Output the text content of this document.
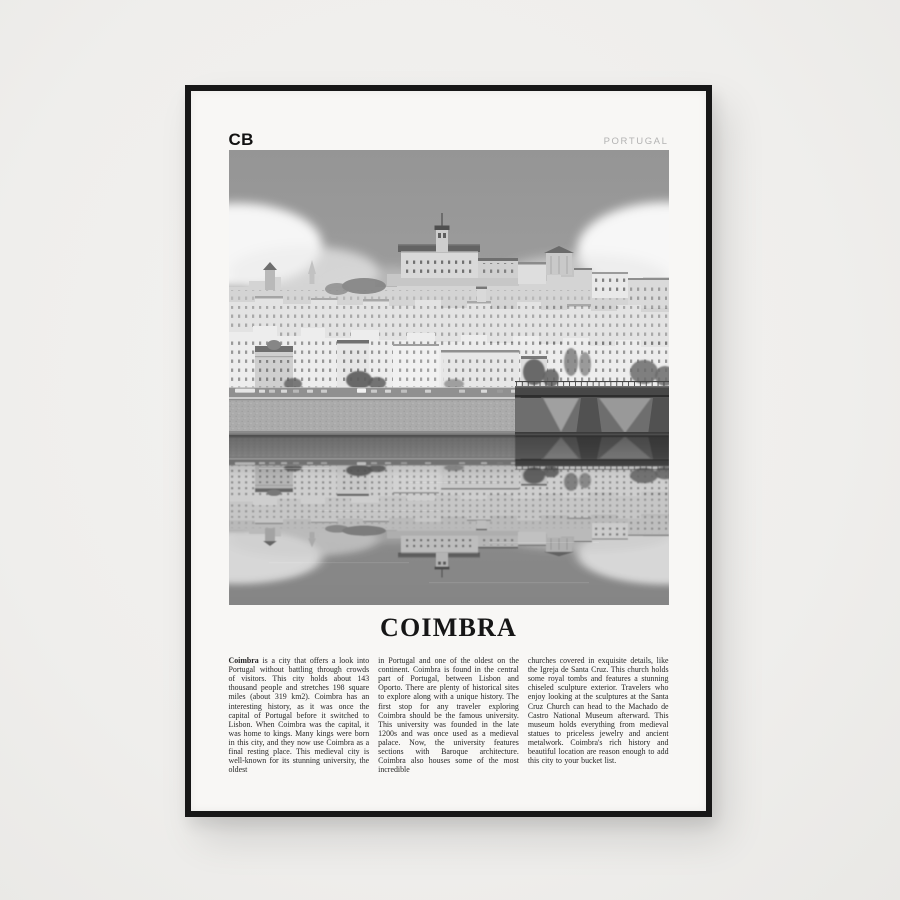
CB	PORTUGAL
COIMBRA
Coimbra is a city that offers a look into Portugal without battling through crowds of visitors. This city holds about 143 thousand people and stretches 198 square miles (about 319 km2). Coimbra has an interesting history, as it was once the capital of Portugal before it switched to Lisbon. When Coimbra was the capital, it was home to kings. Many kings were born in this city, and they now use Coimbra as a final resting place. This medieval city is well-known for its stunning university, the oldest
in Portugal and one of the oldest on the continent. Coimbra is found in the central part of Portugal, between Lisbon and Oporto. There are plenty of historical sites to explore along with a unique history. The first stop for any traveler exploring Coimbra should be the famous university. This university was founded in the late 1200s and was once used as a medieval palace. Now, the university features sections with Baroque architecture. Coimbra also houses some of the most incredible
churches covered in exquisite details, like the Igreja de Santa Cruz. This church holds some royal tombs and features a stunning chiseled sculpture exterior. Travelers who enjoy looking at the sculptures at the Santa Cruz Church can head to the Machado de Castro National Museum afterward. This museum holds everything from medieval statues to priceless jewelry and ancient metalwork. Coimbra's rich history and beautiful location are reason enough to add this city to your bucket list.
